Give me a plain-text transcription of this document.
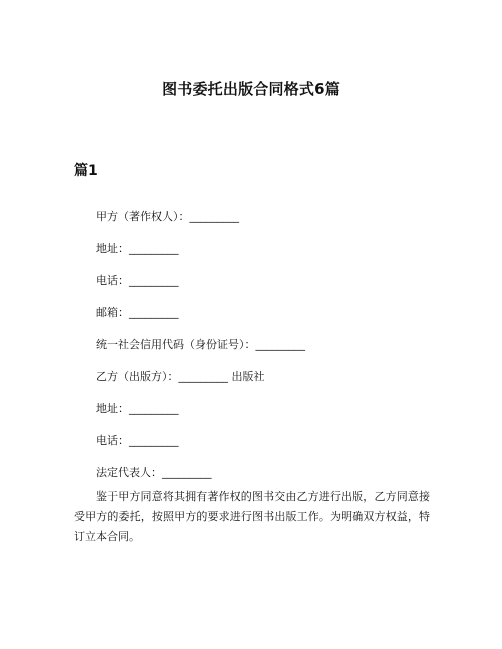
图书委托出版合同格式6篇
篇1
甲方（著作权人）：_________
地址：_________
电话：_________
邮箱：_________
统一社会信用代码（身份证号）：_________
乙方（出版方）：_________ 出版社
地址：_________
电话：_________
法定代表人：_________
鉴于甲方同意将其拥有著作权的图书交由乙方进行出版，乙方同意接受甲方的委托，按照甲方的要求进行图书出版工作。为明确双方权益，特订立本合同。
